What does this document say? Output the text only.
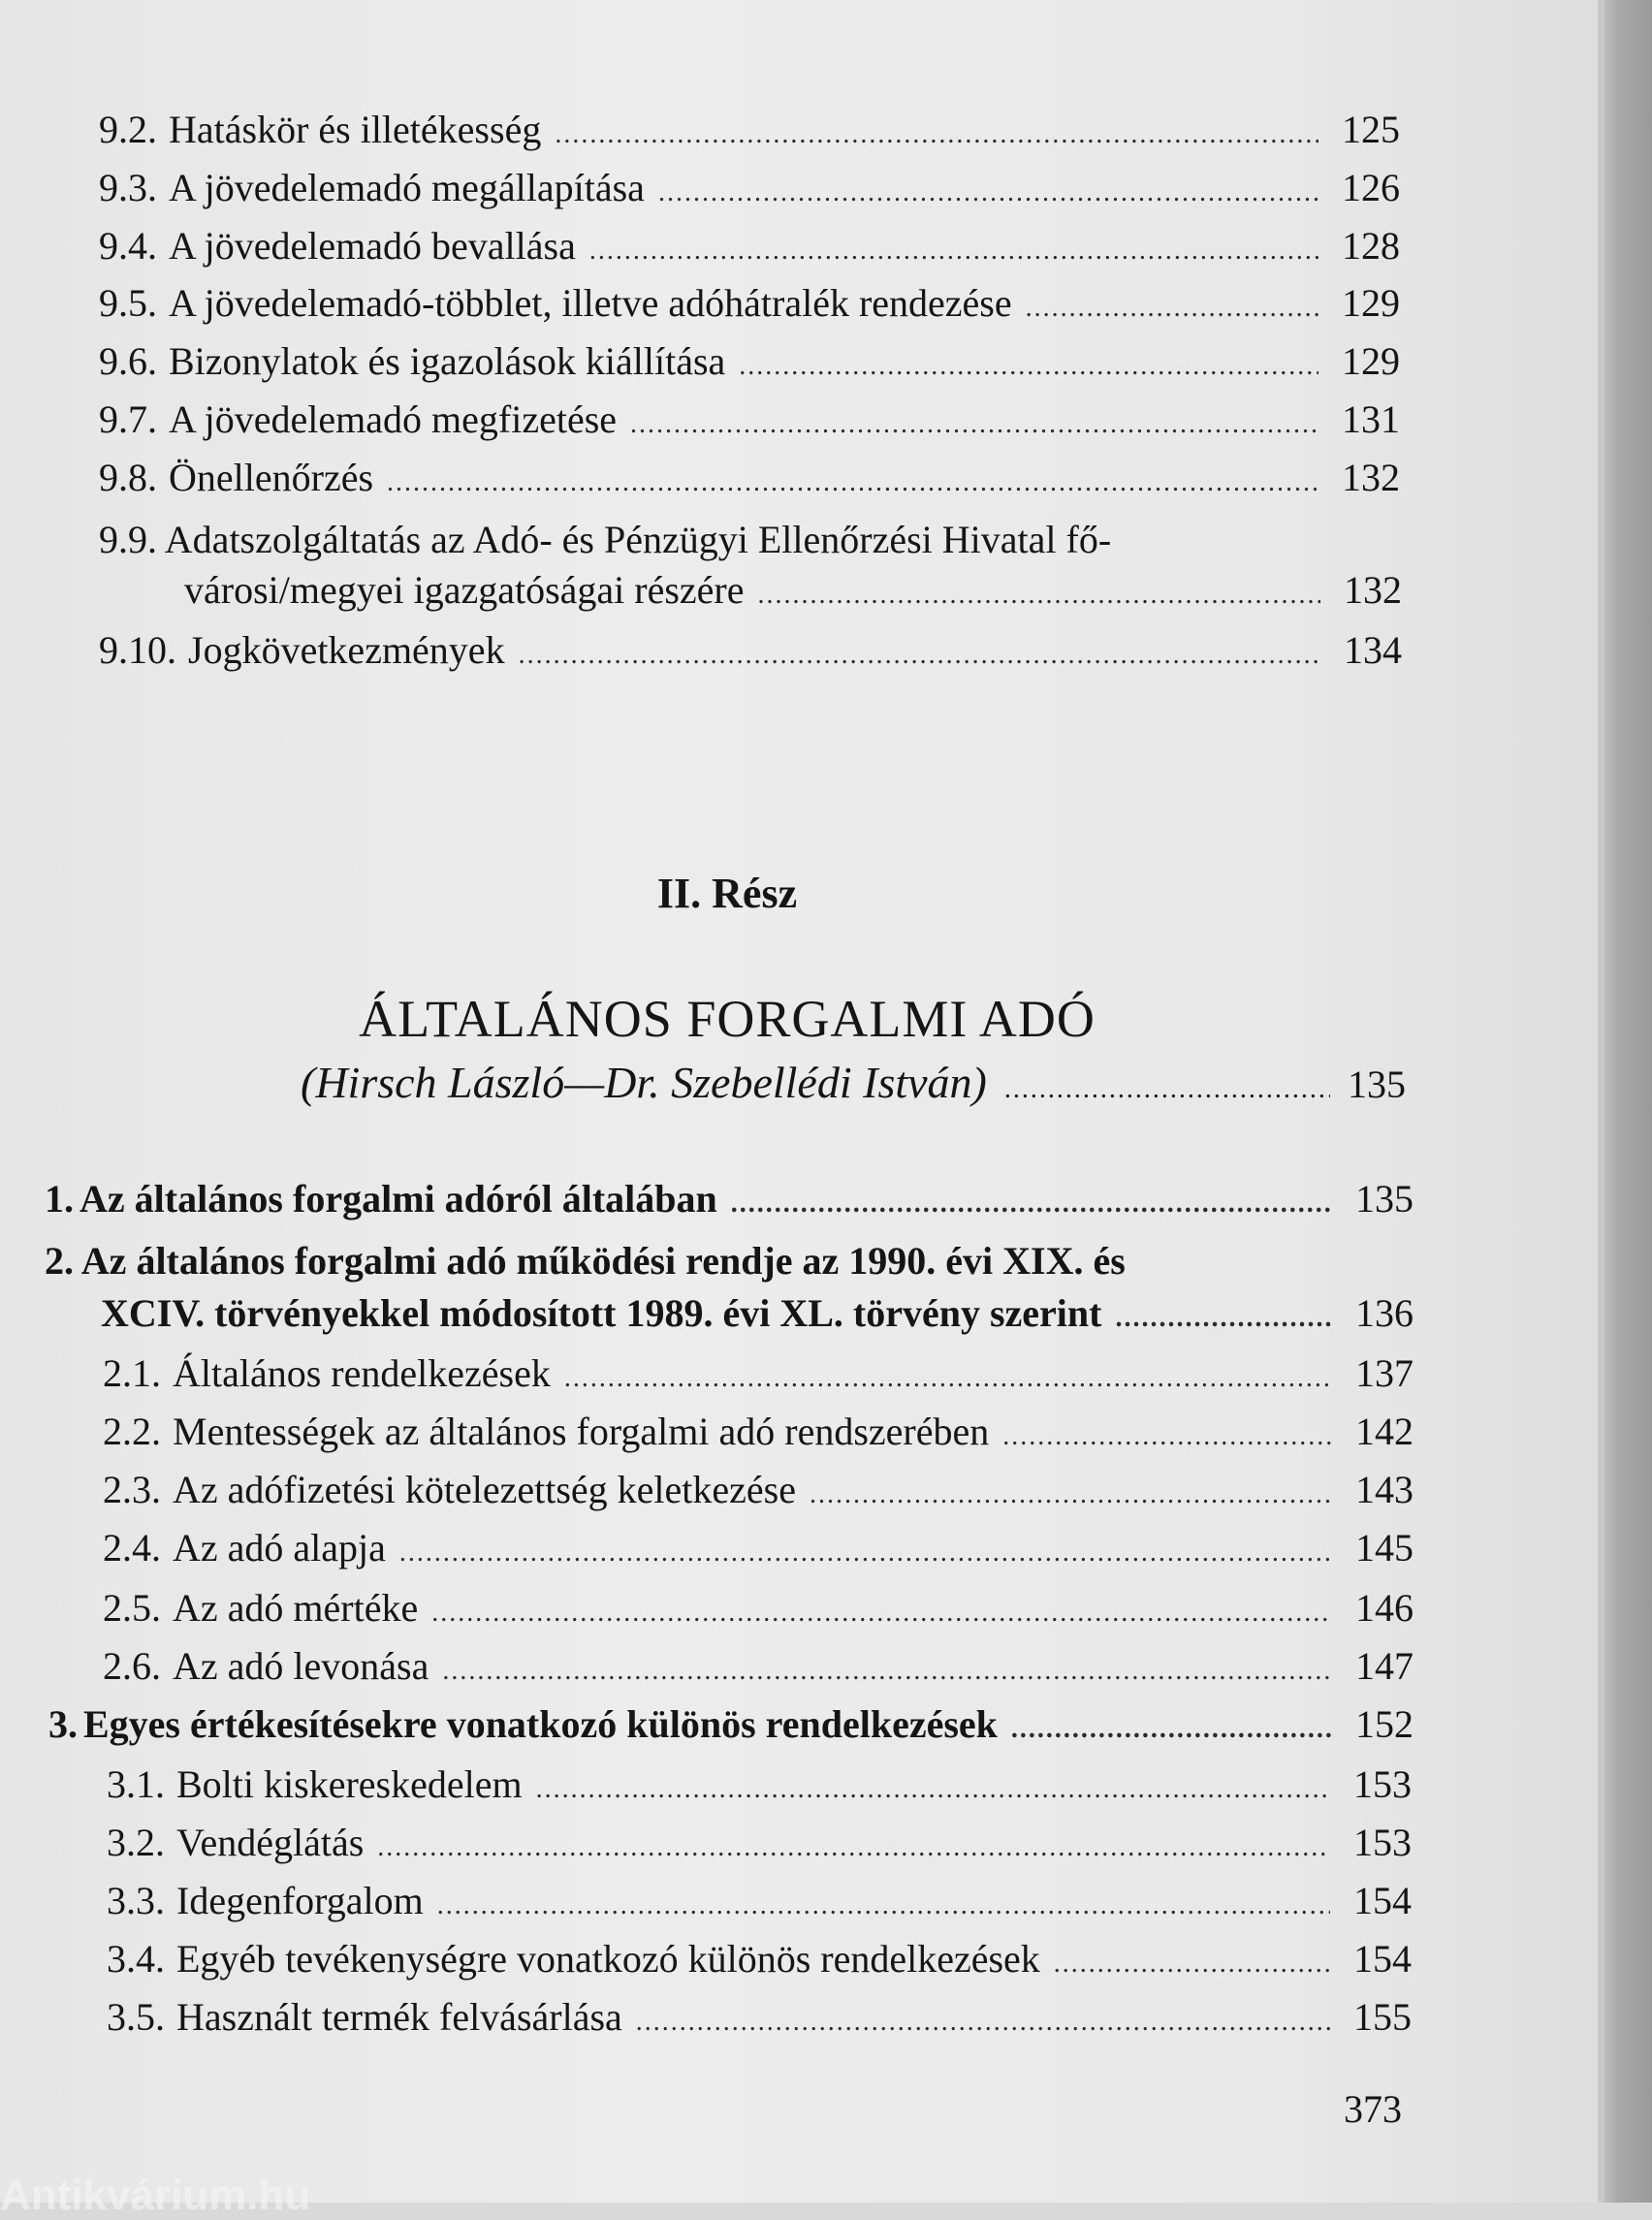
9.2. Hatáskör és illetékesség .....	125
9.3. A jövedelemadó megállapítása .....	126
9.4. A jövedelemadó bevallása .....	128
9.5. A jövedelemadó-többlet, illetve adóhátralék rendezése .....	129
9.6. Bizonylatok és igazolások kiállítása .....	129
9.7. A jövedelemadó megfizetése .....	131
9.8. Önellenőrzés .....	132
9.9. Adatszolgáltatás az Adó- és Pénzügyi Ellenőrzési Hivatal fő-
városi/megyei igazgatóságai részére .....	132
9.10. Jogkövetkezmények .....	134
II. Rész
ÁLTALÁNOS FORGALMI ADÓ
(Hirsch László—Dr. Szebellédi István) .....	135
1. Az általános forgalmi adóról általában .....	135
2. Az általános forgalmi adó működési rendje az 1990. évi XIX. és
XCIV. törvényekkel módosított 1989. évi XL. törvény szerint .....	136
2.1. Általános rendelkezések .....	137
2.2. Mentességek az általános forgalmi adó rendszerében .....	142
2.3. Az adófizetési kötelezettség keletkezése .....	143
2.4. Az adó alapja .....	145
2.5. Az adó mértéke .....	146
2.6. Az adó levonása .....	147
3. Egyes értékesítésekre vonatkozó különös rendelkezések .....	152
3.1. Bolti kiskereskedelem .....	153
3.2. Vendéglátás .....	153
3.3. Idegenforgalom .....	154
3.4. Egyéb tevékenységre vonatkozó különös rendelkezések .....	154
3.5. Használt termék felvásárlása .....	155
373
Antikvárium.hu
